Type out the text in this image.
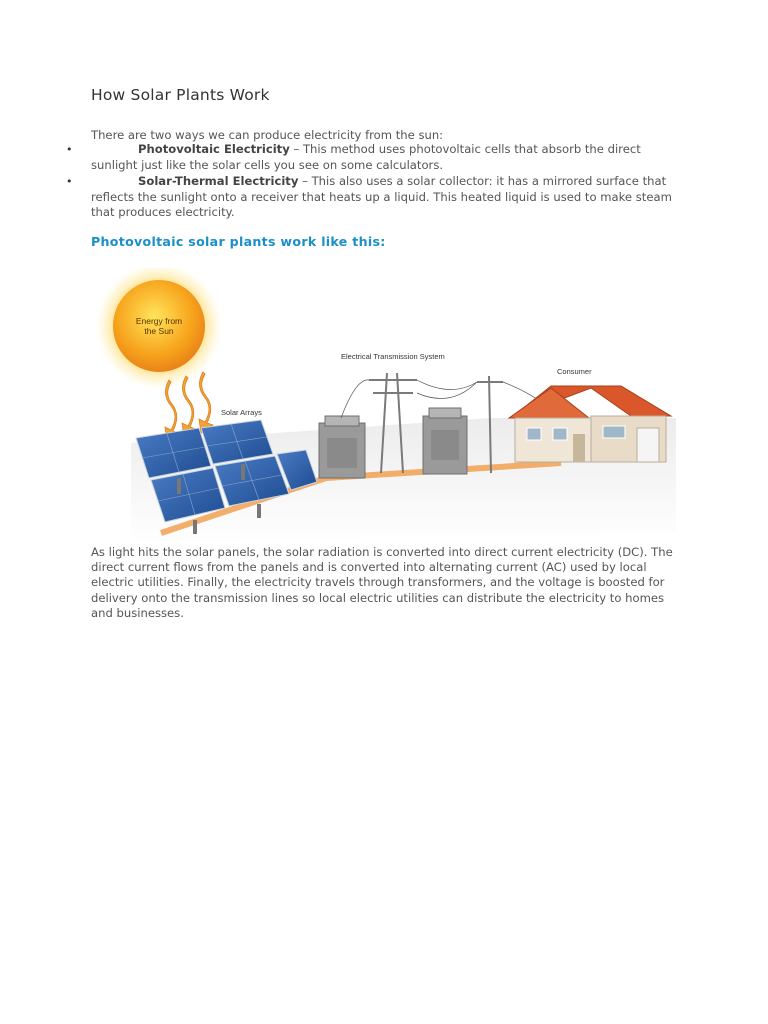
How Solar Plants Work

There are two ways we can produce electricity from the sun:

•	Photovoltaic Electricity – This method uses photovoltaic cells that absorb the direct sunlight just like the solar cells you see on some calculators.
•	Solar-Thermal Electricity – This also uses a solar collector: it has a mirrored surface that reflects the sunlight onto a receiver that heats up a liquid. This heated liquid is used to make steam that produces electricity.
Photovoltaic solar plants work like this:
Energy from
the Sun
Solar Arrays
Electrical Transmission System
Consumer

As light hits the solar panels, the solar radiation is converted into direct current electricity (DC). The direct current flows from the panels and is converted into alternating current (AC) used by local electric utilities. Finally, the electricity travels through transformers, and the voltage is boosted for delivery onto the transmission lines so local electric utilities can distribute the electricity to homes and businesses.
